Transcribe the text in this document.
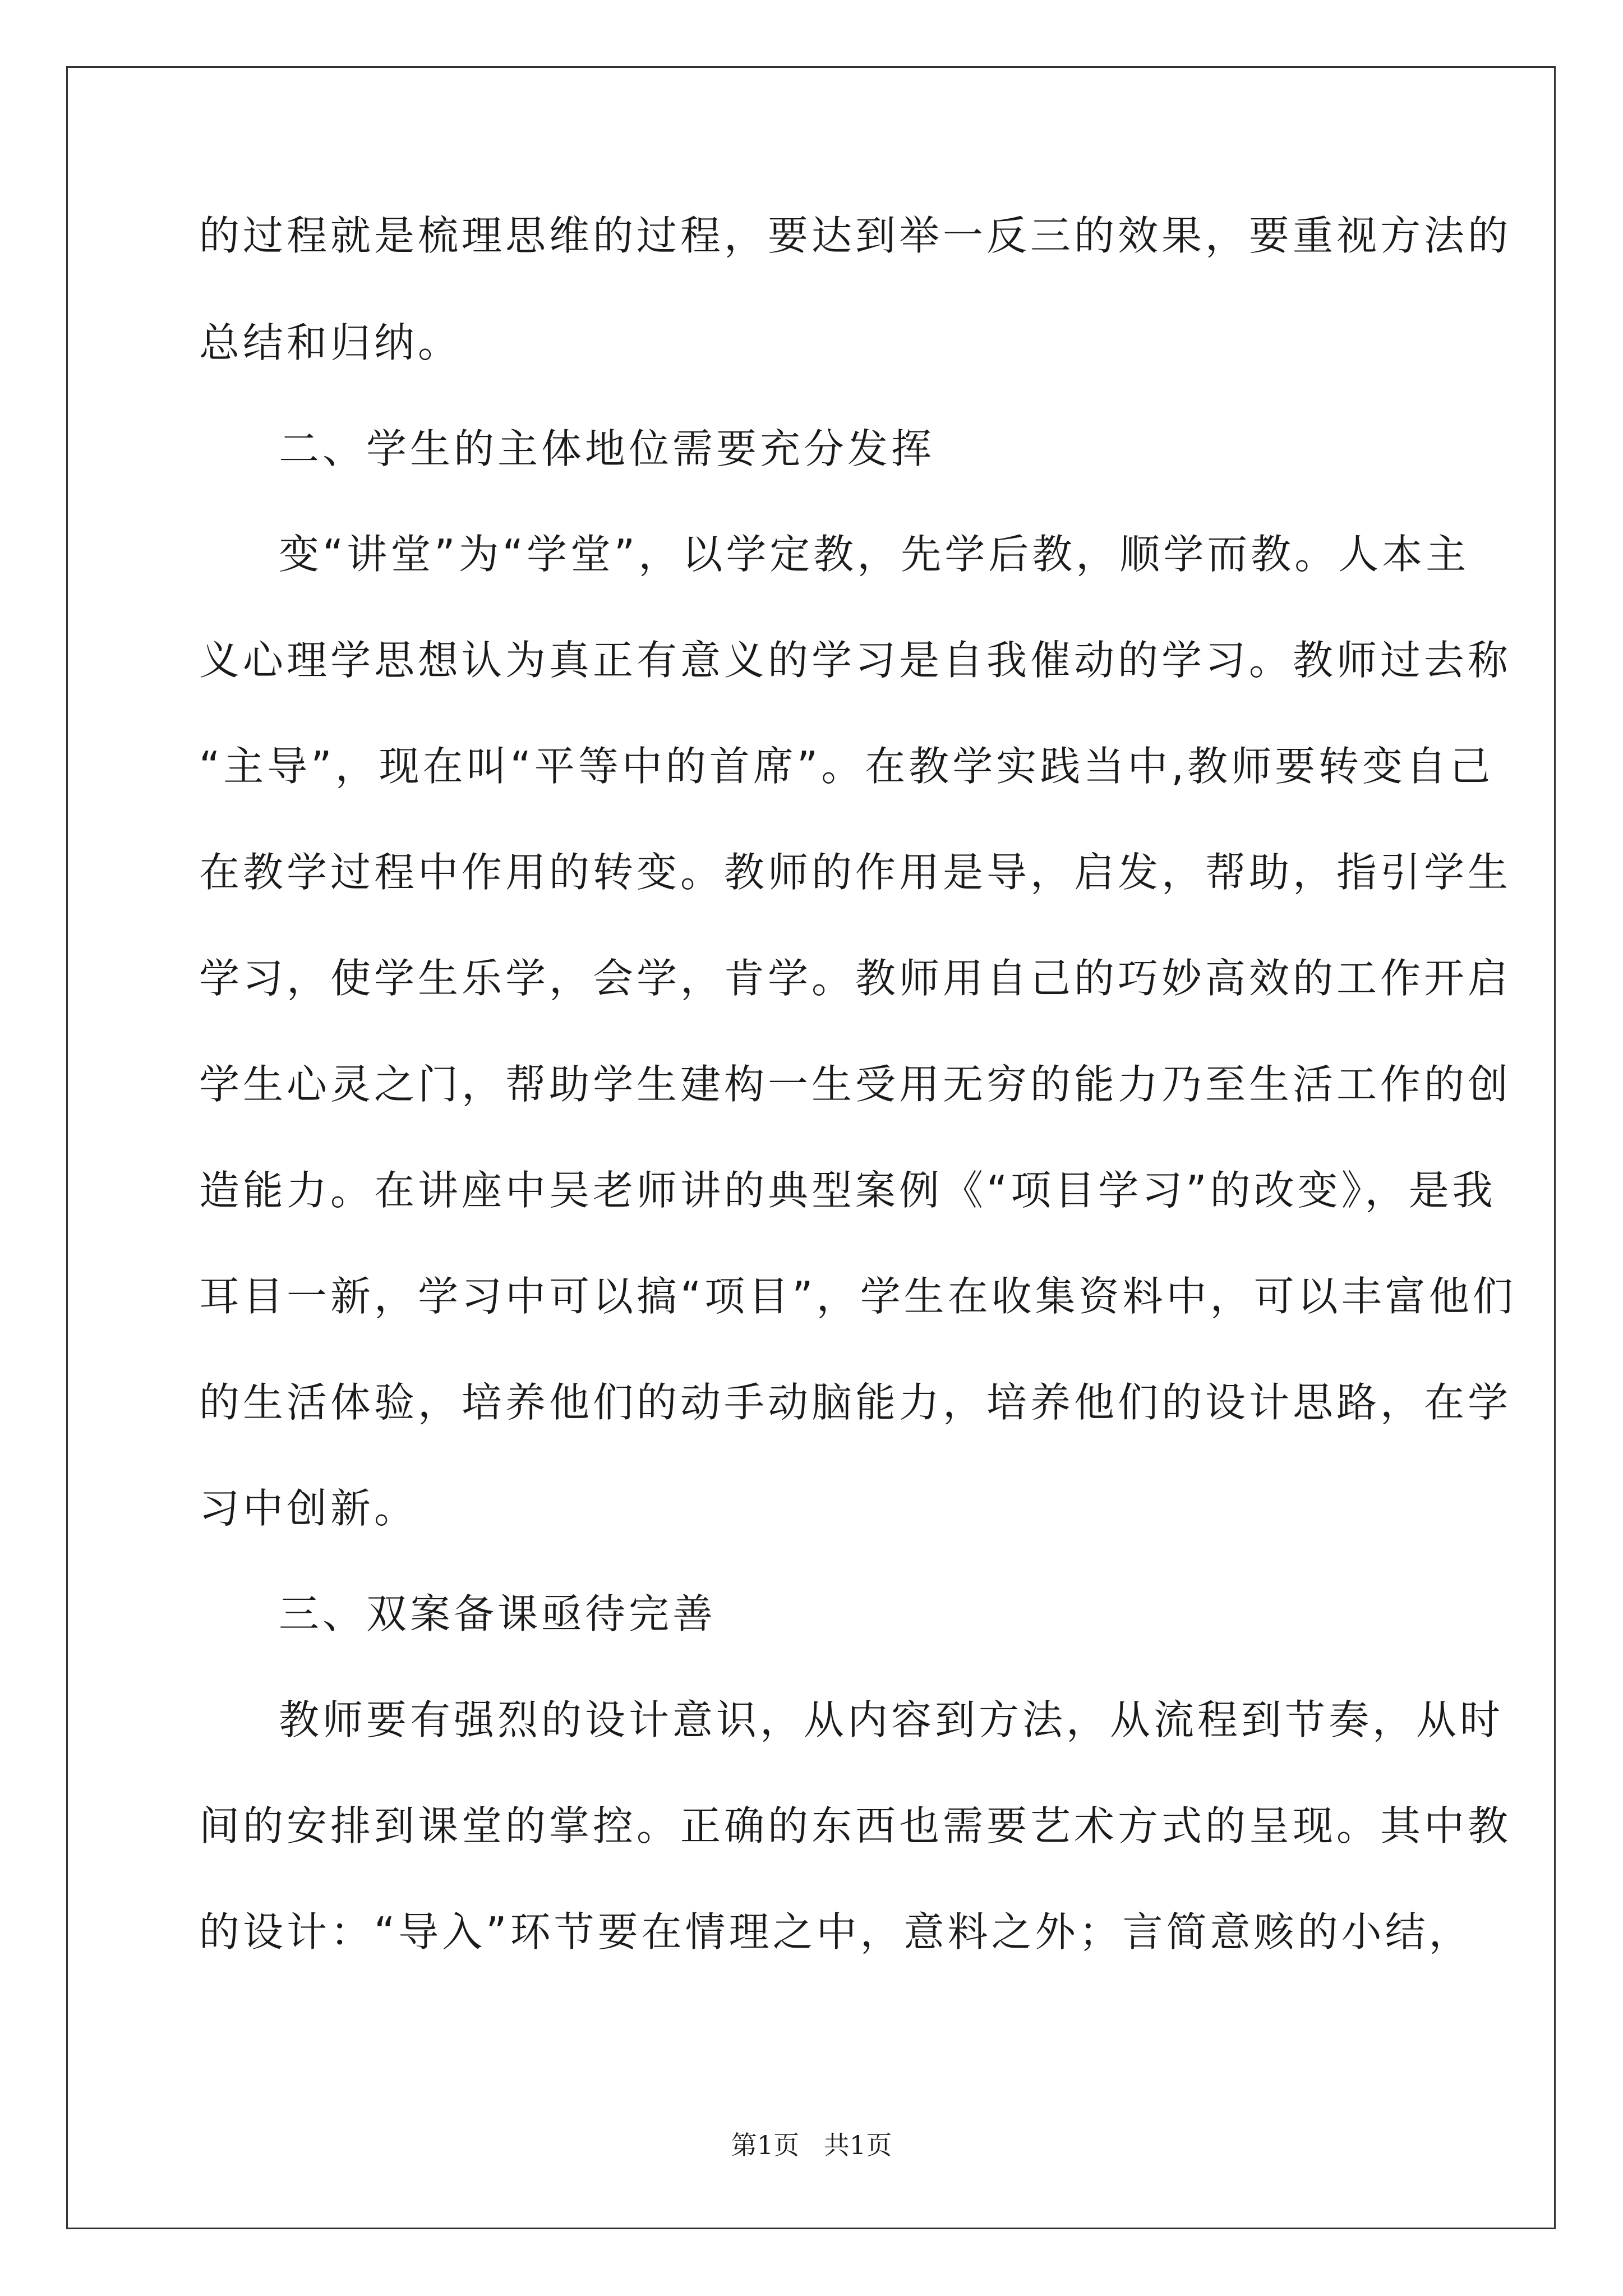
的过程就是梳理思维的过程，要达到举一反三的效果，要重视方法的
总结和归纳。
二、学生的主体地位需要充分发挥
变“讲堂”为“学堂”，以学定教，先学后教，顺学而教。人本主
义心理学思想认为真正有意义的学习是自我催动的学习。教师过去称
“主导”，现在叫“平等中的首席”。在教学实践当中,教师要转变自己
在教学过程中作用的转变。教师的作用是导，启发，帮助，指引学生
学习，使学生乐学，会学，肯学。教师用自己的巧妙高效的工作开启
学生心灵之门，帮助学生建构一生受用无穷的能力乃至生活工作的创
造能力。在讲座中吴老师讲的典型案例《“项目学习”的改变》，是我
耳目一新，学习中可以搞“项目”，学生在收集资料中，可以丰富他们
的生活体验，培养他们的动手动脑能力，培养他们的设计思路，在学
习中创新。
三、双案备课亟待完善
教师要有强烈的设计意识，从内容到方法，从流程到节奏，从时
间的安排到课堂的掌控。正确的东西也需要艺术方式的呈现。其中教
的设计：“导入”环节要在情理之中，意料之外；言简意赅的小结，
第1页   共1页
